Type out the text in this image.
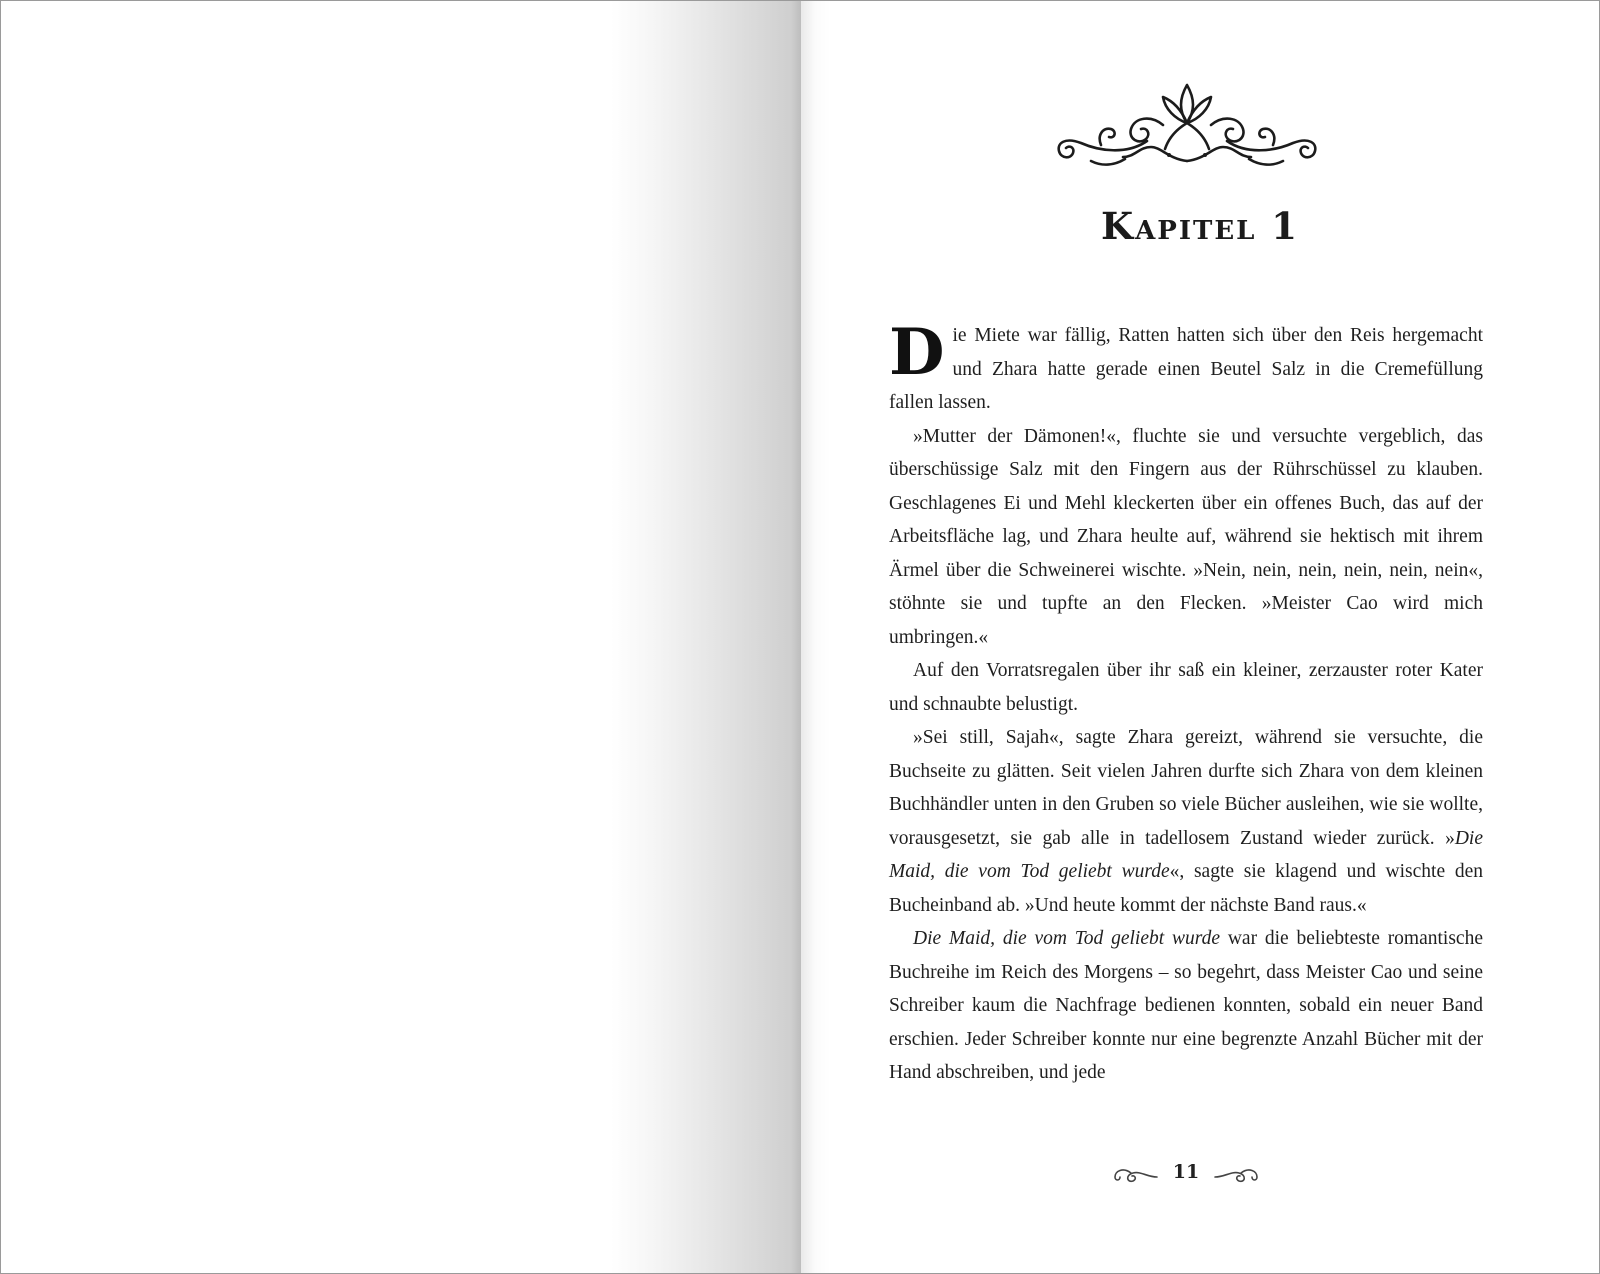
Kapitel 1

Die Miete war fällig, Ratten hatten sich über den Reis hergemacht und Zhara hatte gerade einen Beutel Salz in die Cremefüllung fallen lassen.

»Mutter der Dämonen!«, fluchte sie und versuchte vergeblich, das überschüssige Salz mit den Fingern aus der Rührschüssel zu klauben. Geschlagenes Ei und Mehl kleckerten über ein offenes Buch, das auf der Arbeitsfläche lag, und Zhara heulte auf, während sie hektisch mit ihrem Ärmel über die Schweinerei wischte. »Nein, nein, nein, nein, nein, nein«, stöhnte sie und tupfte an den Flecken. »Meister Cao wird mich umbringen.«

Auf den Vorratsregalen über ihr saß ein kleiner, zerzauster roter Kater und schnaubte belustigt.

»Sei still, Sajah«, sagte Zhara gereizt, während sie versuchte, die Buchseite zu glätten. Seit vielen Jahren durfte sich Zhara von dem kleinen Buchhändler unten in den Gruben so viele Bücher ausleihen, wie sie wollte, vorausgesetzt, sie gab alle in tadellosem Zustand wieder zurück. »Die Maid, die vom Tod geliebt wurde«, sagte sie klagend und wischte den Bucheinband ab. »Und heute kommt der nächste Band raus.«

Die Maid, die vom Tod geliebt wurde war die beliebteste romantische Buchreihe im Reich des Morgens – so begehrt, dass Meister Cao und seine Schreiber kaum die Nachfrage bedienen konnten, sobald ein neuer Band erschien. Jeder Schreiber konnte nur eine begrenzte Anzahl Bücher mit der Hand abschreiben, und jede

11
